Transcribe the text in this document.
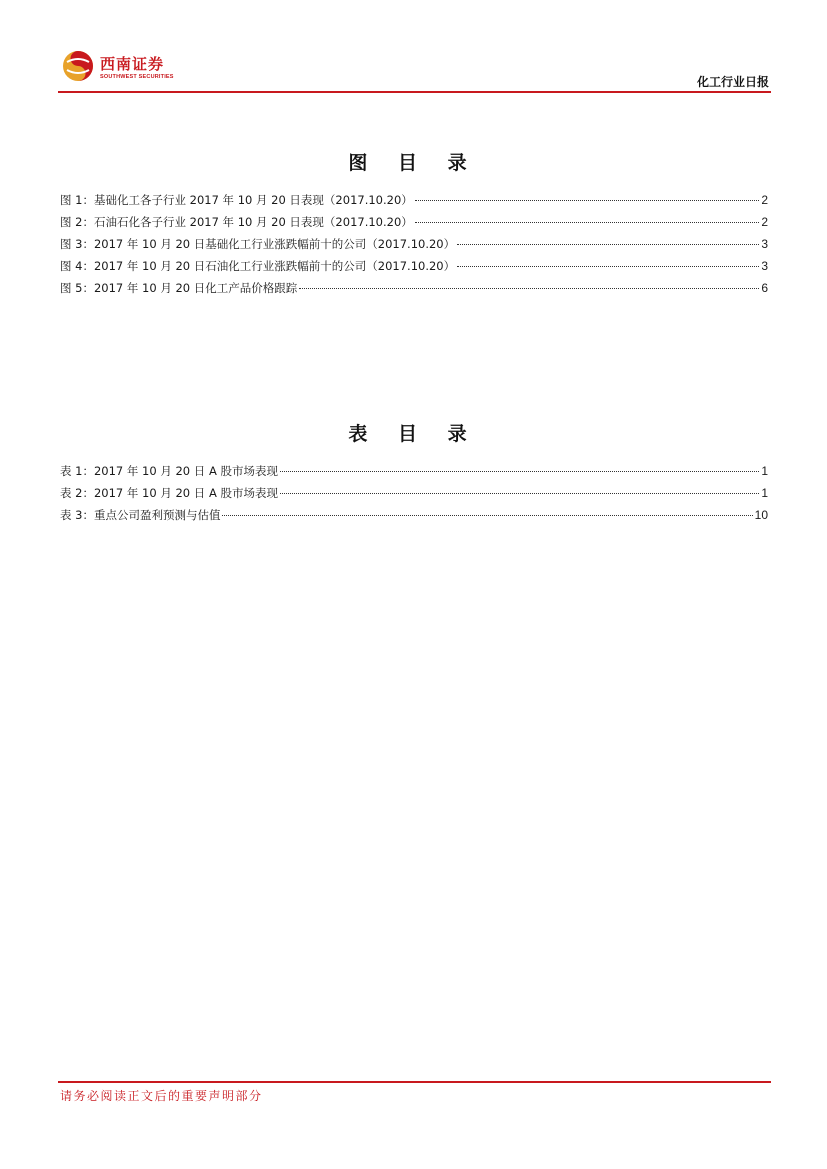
西南证券
SOUTHWEST SECURITIES	化工行业日报
图 目 录
图 1：基础化工各子行业 2017 年 10 月 20 日表现（2017.10.20）	2
图 2：石油石化各子行业 2017 年 10 月 20 日表现（2017.10.20）	2
图 3：2017 年 10 月 20 日基础化工行业涨跌幅前十的公司（2017.10.20）	3
图 4：2017 年 10 月 20 日石油化工行业涨跌幅前十的公司（2017.10.20）	3
图 5：2017 年 10 月 20 日化工产品价格跟踪	6
表 目 录
表 1：2017 年 10 月 20 日 A 股市场表现	1
表 2：2017 年 10 月 20 日 A 股市场表现	1
表 3：重点公司盈利预测与估值	10
请务必阅读正文后的重要声明部分
